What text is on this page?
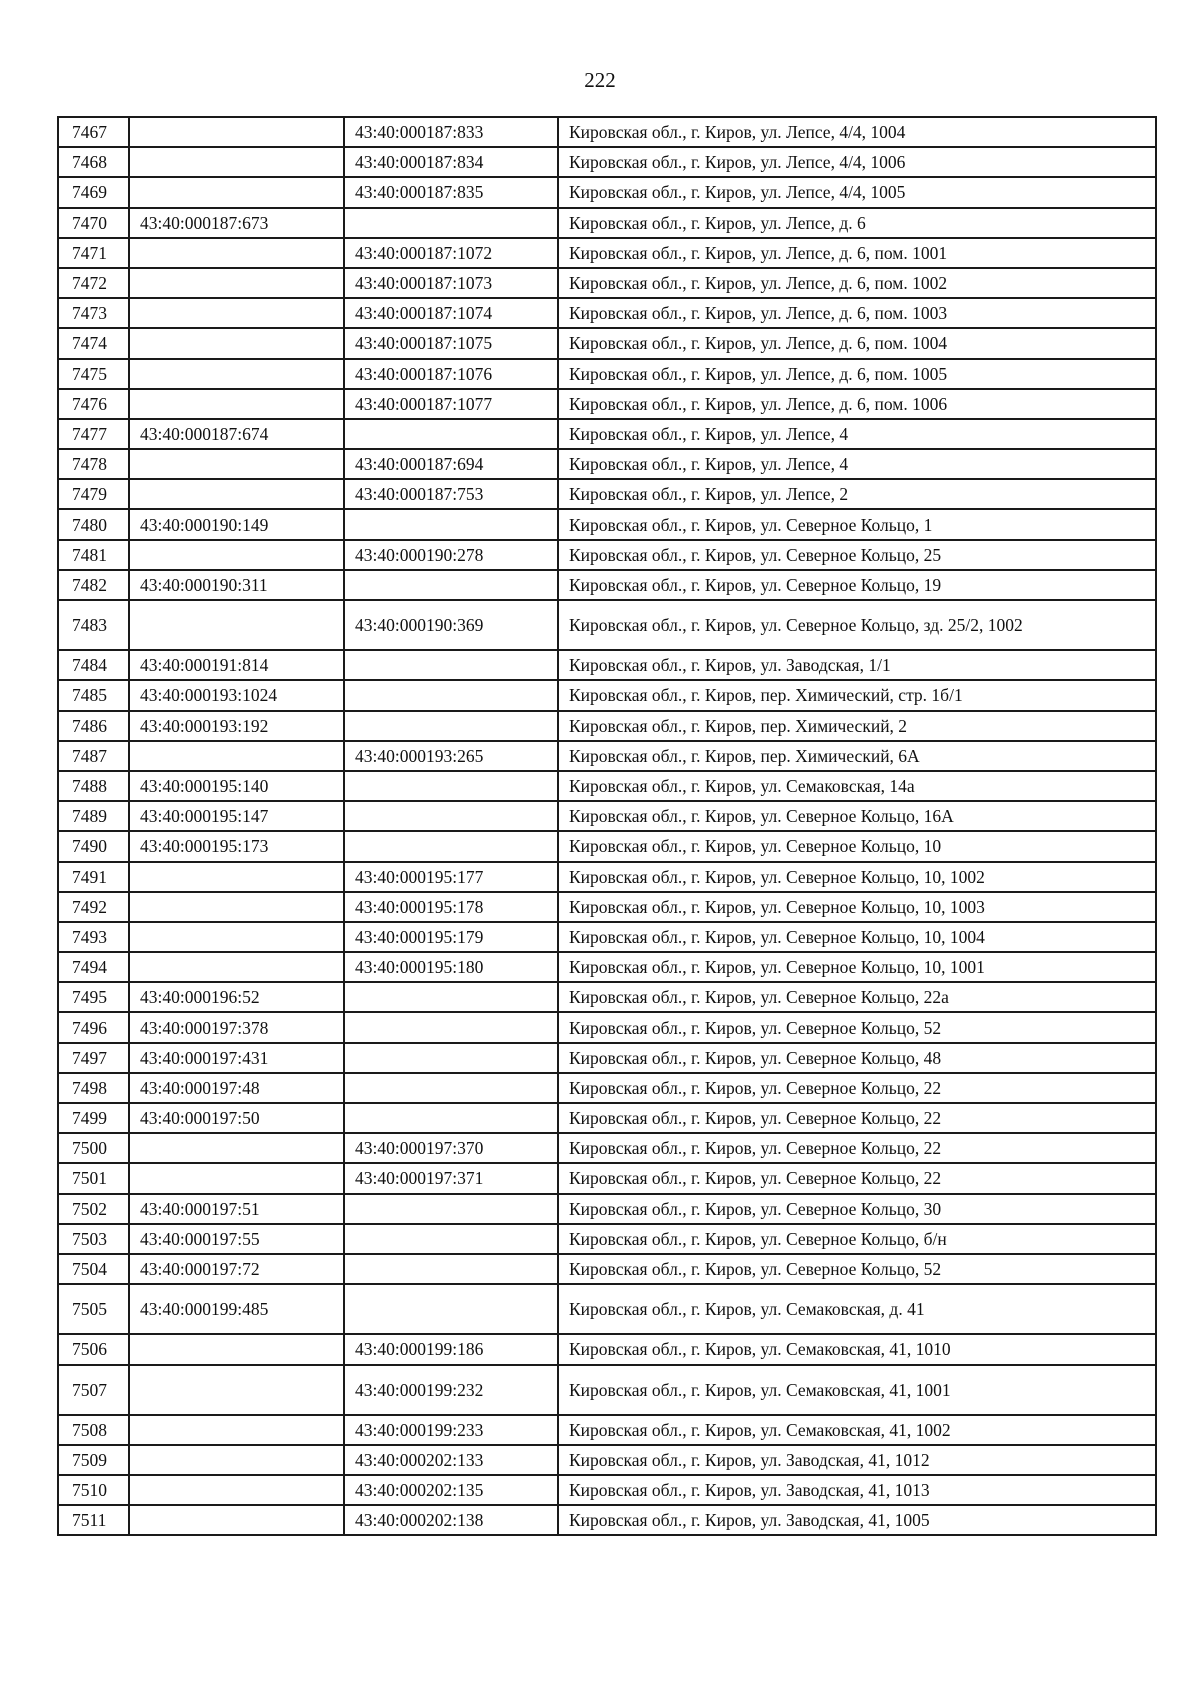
222
7467		43:40:000187:833	Кировская обл., г. Киров, ул. Лепсе, 4/4, 1004
7468		43:40:000187:834	Кировская обл., г. Киров, ул. Лепсе, 4/4, 1006
7469		43:40:000187:835	Кировская обл., г. Киров, ул. Лепсе, 4/4, 1005
7470	43:40:000187:673		Кировская обл., г. Киров, ул. Лепсе, д. 6
7471		43:40:000187:1072	Кировская обл., г. Киров, ул. Лепсе, д. 6, пом. 1001
7472		43:40:000187:1073	Кировская обл., г. Киров, ул. Лепсе, д. 6, пом. 1002
7473		43:40:000187:1074	Кировская обл., г. Киров, ул. Лепсе, д. 6, пом. 1003
7474		43:40:000187:1075	Кировская обл., г. Киров, ул. Лепсе, д. 6, пом. 1004
7475		43:40:000187:1076	Кировская обл., г. Киров, ул. Лепсе, д. 6, пом. 1005
7476		43:40:000187:1077	Кировская обл., г. Киров, ул. Лепсе, д. 6, пом. 1006
7477	43:40:000187:674		Кировская обл., г. Киров, ул. Лепсе, 4
7478		43:40:000187:694	Кировская обл., г. Киров, ул. Лепсе, 4
7479		43:40:000187:753	Кировская обл., г. Киров, ул. Лепсе, 2
7480	43:40:000190:149		Кировская обл., г. Киров, ул. Северное Кольцо, 1
7481		43:40:000190:278	Кировская обл., г. Киров, ул. Северное Кольцо, 25
7482	43:40:000190:311		Кировская обл., г. Киров, ул. Северное Кольцо, 19
7483		43:40:000190:369	Кировская обл., г. Киров, ул. Северное Кольцо, зд. 25/2, 1002
7484	43:40:000191:814		Кировская обл., г. Киров, ул. Заводская, 1/1
7485	43:40:000193:1024		Кировская обл., г. Киров, пер. Химический, стр. 1б/1
7486	43:40:000193:192		Кировская обл., г. Киров, пер. Химический, 2
7487		43:40:000193:265	Кировская обл., г. Киров, пер. Химический, 6А
7488	43:40:000195:140		Кировская обл., г. Киров, ул. Семаковская, 14а
7489	43:40:000195:147		Кировская обл., г. Киров, ул. Северное Кольцо, 16А
7490	43:40:000195:173		Кировская обл., г. Киров, ул. Северное Кольцо, 10
7491		43:40:000195:177	Кировская обл., г. Киров, ул. Северное Кольцо, 10, 1002
7492		43:40:000195:178	Кировская обл., г. Киров, ул. Северное Кольцо, 10, 1003
7493		43:40:000195:179	Кировская обл., г. Киров, ул. Северное Кольцо, 10, 1004
7494		43:40:000195:180	Кировская обл., г. Киров, ул. Северное Кольцо, 10, 1001
7495	43:40:000196:52		Кировская обл., г. Киров, ул. Северное Кольцо, 22а
7496	43:40:000197:378		Кировская обл., г. Киров, ул. Северное Кольцо, 52
7497	43:40:000197:431		Кировская обл., г. Киров, ул. Северное Кольцо, 48
7498	43:40:000197:48		Кировская обл., г. Киров, ул. Северное Кольцо, 22
7499	43:40:000197:50		Кировская обл., г. Киров, ул. Северное Кольцо, 22
7500		43:40:000197:370	Кировская обл., г. Киров, ул. Северное Кольцо, 22
7501		43:40:000197:371	Кировская обл., г. Киров, ул. Северное Кольцо, 22
7502	43:40:000197:51		Кировская обл., г. Киров, ул. Северное Кольцо, 30
7503	43:40:000197:55		Кировская обл., г. Киров, ул. Северное Кольцо, б/н
7504	43:40:000197:72		Кировская обл., г. Киров, ул. Северное Кольцо, 52
7505	43:40:000199:485		Кировская обл., г. Киров, ул. Семаковская, д. 41
7506		43:40:000199:186	Кировская обл., г. Киров, ул. Семаковская, 41, 1010
7507		43:40:000199:232	Кировская обл., г. Киров, ул. Семаковская, 41, 1001
7508		43:40:000199:233	Кировская обл., г. Киров, ул. Семаковская, 41, 1002
7509		43:40:000202:133	Кировская обл., г. Киров, ул. Заводская, 41, 1012
7510		43:40:000202:135	Кировская обл., г. Киров, ул. Заводская, 41, 1013
7511		43:40:000202:138	Кировская обл., г. Киров, ул. Заводская, 41, 1005
